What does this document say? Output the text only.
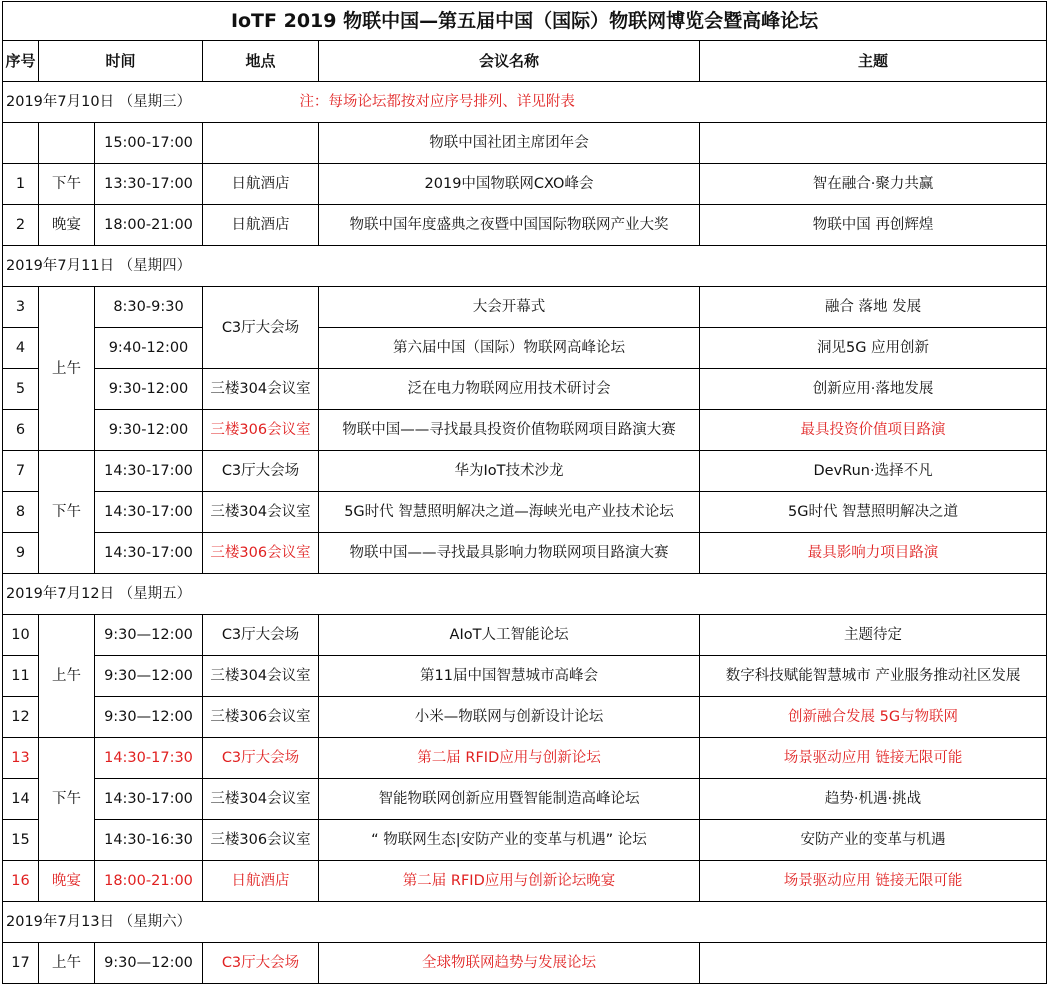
IoTF 2019 物联中国—第五届中国（国际）物联网博览会暨高峰论坛					
序号	时间		地点	会议名称	主题
2019年7月10日 （星期三） 注：每场论坛都按对应序号排列、详见附表					
		15:00-17:00		物联中国社团主席团年会	
1	下午	13:30-17:00	日航酒店	2019中国物联网CXO峰会	智在融合·聚力共赢
2	晚宴	18:00-21:00	日航酒店	物联中国年度盛典之夜暨中国国际物联网产业大奖	物联中国 再创辉煌
2019年7月11日 （星期四）					
3	上午	8:30-9:30	C3厅大会场	大会开幕式	融合 落地 发展
4		9:40-12:00		第六届中国（国际）物联网高峰论坛	洞见5G 应用创新
5		9:30-12:00	三楼304会议室	泛在电力物联网应用技术研讨会	创新应用·落地发展
6		9:30-12:00	三楼306会议室	物联中国——寻找最具投资价值物联网项目路演大赛	最具投资价值项目路演
7	下午	14:30-17:00	C3厅大会场	华为IoT技术沙龙	DevRun·选择不凡
8		14:30-17:00	三楼304会议室	5G时代 智慧照明解决之道—海峡光电产业技术论坛	5G时代 智慧照明解决之道
9		14:30-17:00	三楼306会议室	物联中国——寻找最具影响力物联网项目路演大赛	最具影响力项目路演
2019年7月12日 （星期五）					
10	上午	9:30—12:00	C3厅大会场	AIoT人工智能论坛	主题待定
11		9:30—12:00	三楼304会议室	第11届中国智慧城市高峰会	数字科技赋能智慧城市 产业服务推动社区发展
12		9:30—12:00	三楼306会议室	小米—物联网与创新设计论坛	创新融合发展 5G与物联网
13	下午	14:30-17:30	C3厅大会场	第二届 RFID应用与创新论坛	场景驱动应用 链接无限可能
14		14:30-17:00	三楼304会议室	智能物联网创新应用暨智能制造高峰论坛	趋势·机遇·挑战
15		14:30-16:30	三楼306会议室	“ 物联网生态|安防产业的变革与机遇” 论坛	安防产业的变革与机遇
16	晚宴	18:00-21:00	日航酒店	第二届 RFID应用与创新论坛晚宴	场景驱动应用 链接无限可能
2019年7月13日 （星期六）					
17	上午	9:30—12:00	C3厅大会场	全球物联网趋势与发展论坛	
